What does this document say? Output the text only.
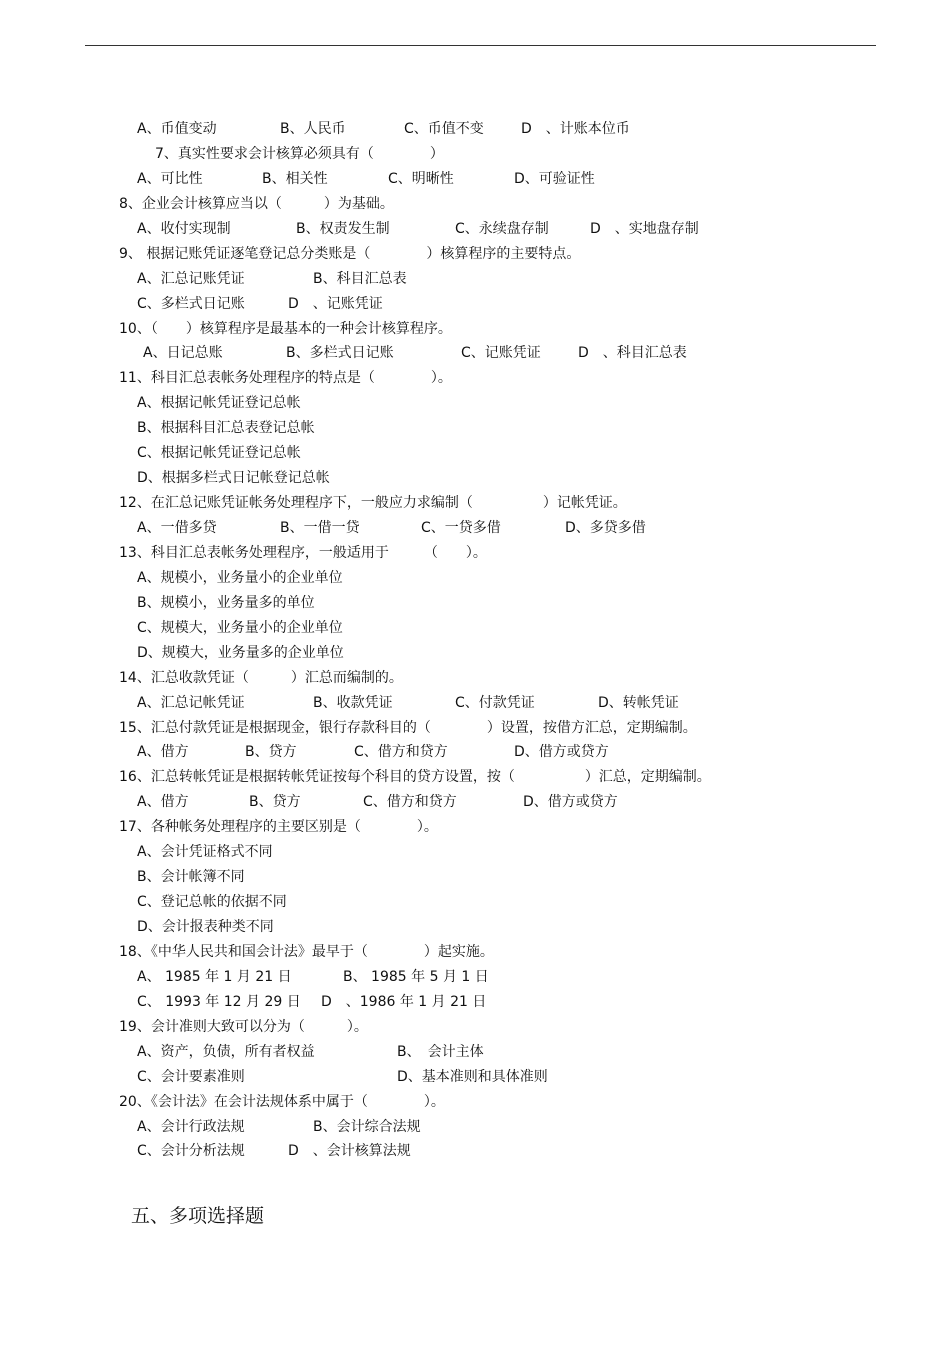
A、币值变动	B、人民币	C、币值不变	D　、计账本位币
7、真实性要求会计核算必须具有（　　　　）
A、可比性	B、相关性	C、明晰性	D、可验证性
8、企业会计核算应当以（　　　）为基础。
A、收付实现制	B、权责发生制	C、永续盘存制	D　、实地盘存制
9、 根据记账凭证逐笔登记总分类账是（　　　　）核算程序的主要特点。
A、汇总记账凭证	B、科目汇总表
C、多栏式日记账	D　、记账凭证
10、（　　）核算程序是最基本的一种会计核算程序。
A、日记总账	B、多栏式日记账	C、记账凭证	D　、科目汇总表
11、科目汇总表帐务处理程序的特点是（　　　　）。
A、根据记帐凭证登记总帐
B、根据科目汇总表登记总帐
C、根据记帐凭证登记总帐
D、根据多栏式日记帐登记总帐
12、在汇总记账凭证帐务处理程序下，一般应力求编制（　　　　　）记帐凭证。
A、一借多贷	B、一借一贷	C、一贷多借	D、多贷多借
13、科目汇总表帐务处理程序，一般适用于　　　（　　）。
A、规模小，业务量小的企业单位
B、规模小，业务量多的单位
C、规模大，业务量小的企业单位
D、规模大，业务量多的企业单位
14、汇总收款凭证（　　　）汇总而编制的。
A、汇总记帐凭证	B、收款凭证	C、付款凭证	D、转帐凭证
15、汇总付款凭证是根据现金，银行存款科目的（　　　　）设置，按借方汇总，定期编制。
A、借方	B、贷方	C、借方和贷方	D、借方或贷方
16、汇总转帐凭证是根据转帐凭证按每个科目的贷方设置，按（　　　　　）汇总，定期编制。
A、借方	B、贷方	C、借方和贷方	D、借方或贷方
17、各种帐务处理程序的主要区别是（　　　　）。
A、会计凭证格式不同
B、会计帐簿不同
C、登记总帐的依据不同
D、会计报表种类不同
18、《中华人民共和国会计法》最早于（　　　　）起实施。
A、 1985 年 1 月 21 日	B、 1985 年 5 月 1 日
C、 1993 年 12 月 29 日 D　、1986 年 1 月 21 日
19、会计准则大致可以分为（　　　）。
A、资产，负债，所有者权益	B、　会计主体
C、会计要素准则	D、基本准则和具体准则
20、《会计法》在会计法规体系中属于（　　　　）。
A、会计行政法规	B、会计综合法规
C、会计分析法规	D　、会计核算法规
五、多项选择题
